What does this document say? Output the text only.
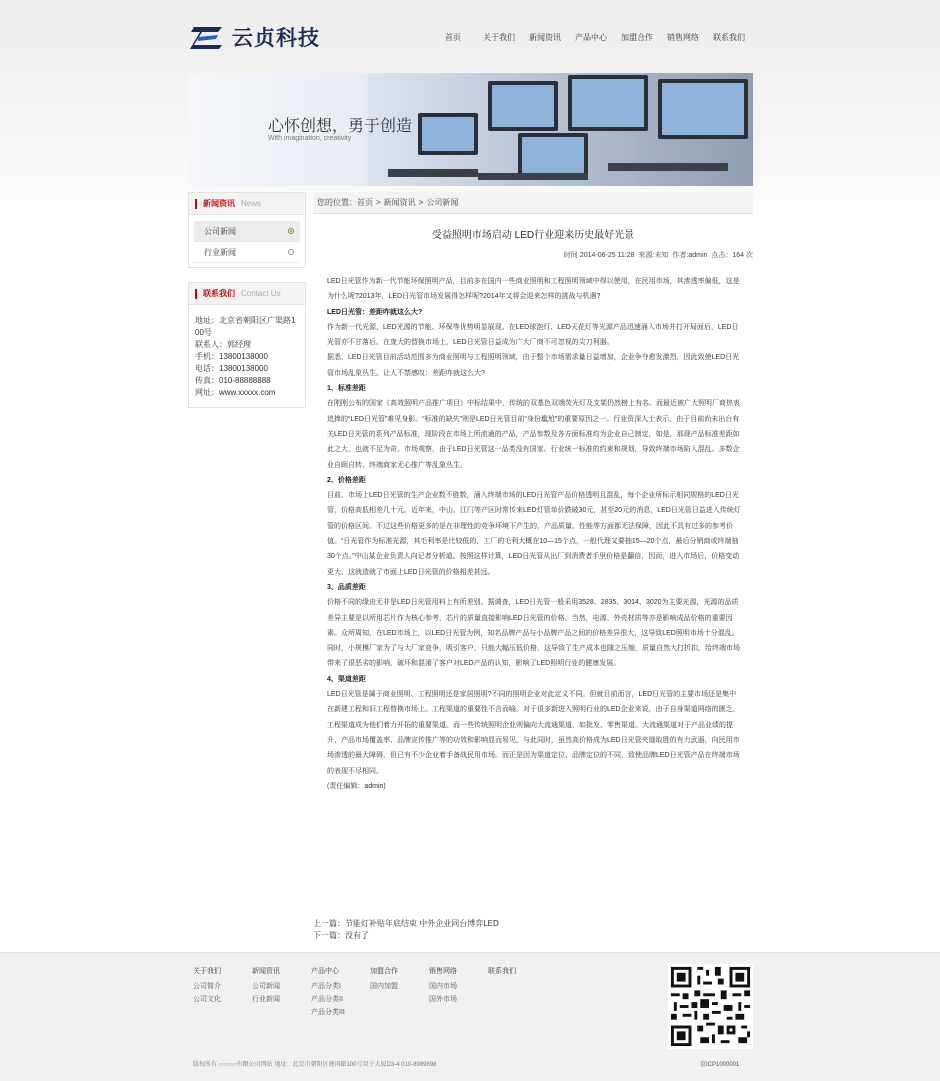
云贞科技	首页	关于我们	新闻资讯	产品中心	加盟合作	销售网络	联系我们
心怀创想，勇于创造
With imagination, creativity
新闻资讯 News
公司新闻
行业新闻
联系我们 Contact Us
地址：北京省朝阳区广渠路100号
联系人：郭经理
手机：13800138000
电话：13800138000
传真：010-88888888
网址：www.xxxxx.com
您的位置： 首页 > 新闻资讯 > 公司新闻
受益照明市场启动 LED行业迎来历史最好光景
时间 2014-06-25 11:28 来源:未知 作者:admin 点击：164 次

LED日光管作为新一代节能环保照明产品，目前多在国内一些商业照明和工程照明领域中得以使用，在民用市场，其渗透率偏低，这是为什么呢?2013年，LED日光管市场发展得怎样呢?2014年又将会迎来怎样的挑战与机遇?

LED日光管：差距咋就这么大?

作为新一代光源，LED光源的节能、环保等优势明显展现。在LED球泡灯、LED天花灯等光源产品迅速涌入市场并打开局面后，LED日光管亦不甘落后。在庞大的替换市场上，LED日光管日益成为广大厂商不可忽视的尖刀利器。

据悉，LED日光管目前活动范围多为商业照明与工程照明领域，由于整个市场需求量日益增加，企业争夺愈发激烈，因此致使LED日光管市场乱象丛生。让人不禁感叹：差距咋就这么大?

1、标准差距

在刚刚公布的国家《高效照明产品推广项目》中标结果中，传统的双基色双端荧光灯及支架仍然榜上有名。而最近被广大照明厂商热衷追捧的“LED日光管”难见身影。“标准的缺失”则是LED日光管目前“身份尴尬”的重要原因之一。行业资深人士表示，由于目前尚未出台有关LED日光管的系列产品标准，现阶段在市场上所流通的产品，产品参数及各方面标准均为企业自己制定，如是，那现产品标准差距如此之大，也就不足为奇。市场观察，由于LED日光管这一品类没有国家、行业统一标准的约束和规划，导致终端市场陷入混乱、多数企业自顾自转、终端商家无心推广等乱象丛生。

2、价格差距

目前，市场上LED日光管的生产企业数不胜数，涌入终端市场的LED日光管产品价格透明且混乱，每个企业所标示相同规格的LED日光管，价格高低相差几十元。近年来，中山、江门等产区时常传来LED灯管单价跌破30元，甚至20元的消息，LED日光管日益进入传统灯管的价格区间。不过这些价格更多的是在非理性的竞争环境下产生的，产品质量、性能等方面都无法保障，因此不具有过多的参考价值。“日光管作为标准光源，其毛利率是比较低的，工厂的毛利大概在10—15个点，一般代理又要抽15—20个点，最后分销商或终端抽30个点。”中山某企业负责人向记者分析道。按照这样计算，LED日光管从出厂到消费者手里价格是翻倍，因而，进入市场后，价格变动更大，这就造就了市面上LED日光管的价格相差甚远。

3、品质差距

价格不同的缘由无非是LED日光管用料上有所差别。据调查，LED日光管一般采用3528、2835、3014、3020为主要光源，光源的品质差异主要是以所用芯片作为核心参考，芯片的质量直接影响LED日光管的价格。当然，电源、外壳材质等亦是影响成品价格的重要因素。众所周知，在LED市场上，以LED日光管为例，知名品牌产品与小品牌产品之间的价格差异很大，这导致LED照明市场十分混乱。同时，小规模厂家为了与大厂家竞争，吸引客户，只能大幅压低价格，这导致了生产成本也随之压缩，质量自然大打折扣，给终端市场带来了很恶劣的影响，破坏和混淆了客户对LED产品的认知，影响了LED照明行业的健康发展。

4、渠道差距

LED日光管是属于商业照明、工程照明还是家居照明?不同的照明企业对此定义不同。但就目前而言，LED日光管的主要市场还是集中在新建工程和旧工程替换市场上。工程渠道的重要性不言而喻。对于很多新进入照明行业的LED企业来说，由于自身渠道网络的匮乏，工程渠道成为他们着力开拓的重要渠道。而一些传统照明企业则偏向大流通渠道，如批发、零售渠道。大流通渠道对于产品业绩的提升、产品市场覆盖率、品牌宣传推广等的功效和影响显而易见。与此同时，虽然高价格成为LED日光管夹缝取胜的有力武器，向民用市场渗透的最大障碍，但已有不少企业着手备战民用市场。而正是因为渠道定位、品牌定位的不同，致使品牌LED日光管产品在终端市场的表现不尽相同。

(责任编辑：admin)

上一篇：节能灯补贴年底结束 中外企业同台博弈LED
下一篇：没有了
关于我们
公司简介
公司文化
新闻资讯
公司新闻
行业新闻
产品中心
产品分类I
产品分类II
产品分类III
加盟合作
国内加盟
销售网络
国内市场
国外市场
联系我们
版权所有 ○○○○○有限公司网站 地址：北京市朝阳区建国路100号双子大厦D3-4 010-8989898	京ICP1000001
